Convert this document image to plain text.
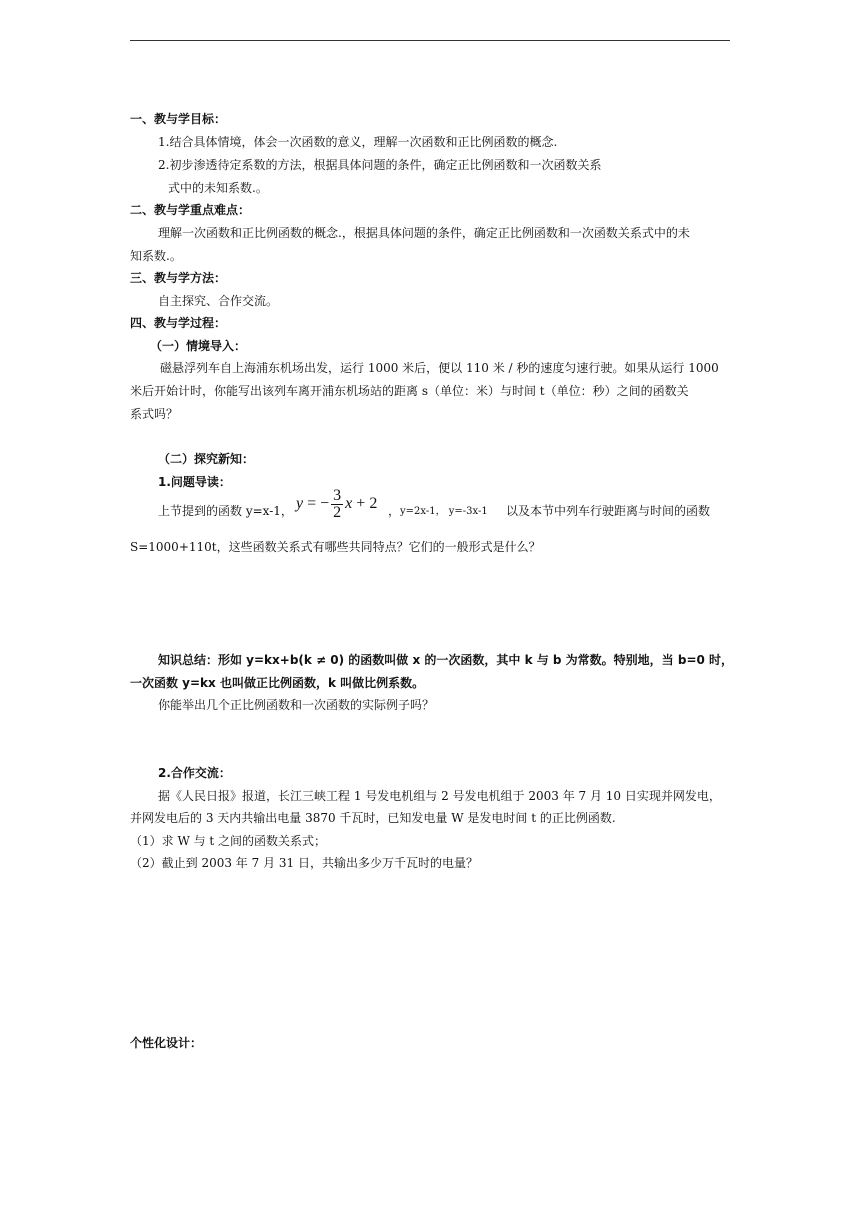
一、教与学目标：
1.结合具体情境，体会一次函数的意义，理解一次函数和正比例函数的概念.
2.初步渗透待定系数的方法，根据具体问题的条件，确定正比例函数和一次函数关系
式中的未知系数.。
二、教与学重点难点：
理解一次函数和正比例函数的概念.，根据具体问题的条件，确定正比例函数和一次函数关系式中的未
知系数.。
三、教与学方法：
自主探究、合作交流。
四、教与学过程：
（一）情境导入：
磁悬浮列车自上海浦东机场出发，运行 1000 米后，便以 110 米 / 秒的速度匀速行驶。如果从运行 1000
米后开始计时，你能写出该列车离开浦东机场站的距离 s（单位：米）与时间 t（单位：秒）之间的函数关
系式吗？
（二）探究新知：
1.问题导读：
上节提到的函数 y=x-1， y = − $\frac{3}{2}$ x + 2 ， y=2x-1， y=-3x-1 以及本节中列车行驶距离与时间的函数
S=1000+110t，这些函数关系式有哪些共同特点？它们的一般形式是什么？
知识总结：形如 y=kx+b(k ≠ 0) 的函数叫做 x 的一次函数，其中 k 与 b 为常数。特别地，当 b=0 时，
一次函数 y=kx 也叫做正比例函数，k 叫做比例系数。
你能举出几个正比例函数和一次函数的实际例子吗？
2.合作交流：
据《人民日报》报道，长江三峡工程 1 号发电机组与 2 号发电机组于 2003 年 7 月 10 日实现并网发电，
并网发电后的 3 天内共输出电量 3870 千瓦时，已知发电量 W 是发电时间 t 的正比例函数.
（1）求 W 与 t 之间的函数关系式；
（2）截止到 2003 年 7 月 31 日，共输出多少万千瓦时的电量？
个性化设计：
